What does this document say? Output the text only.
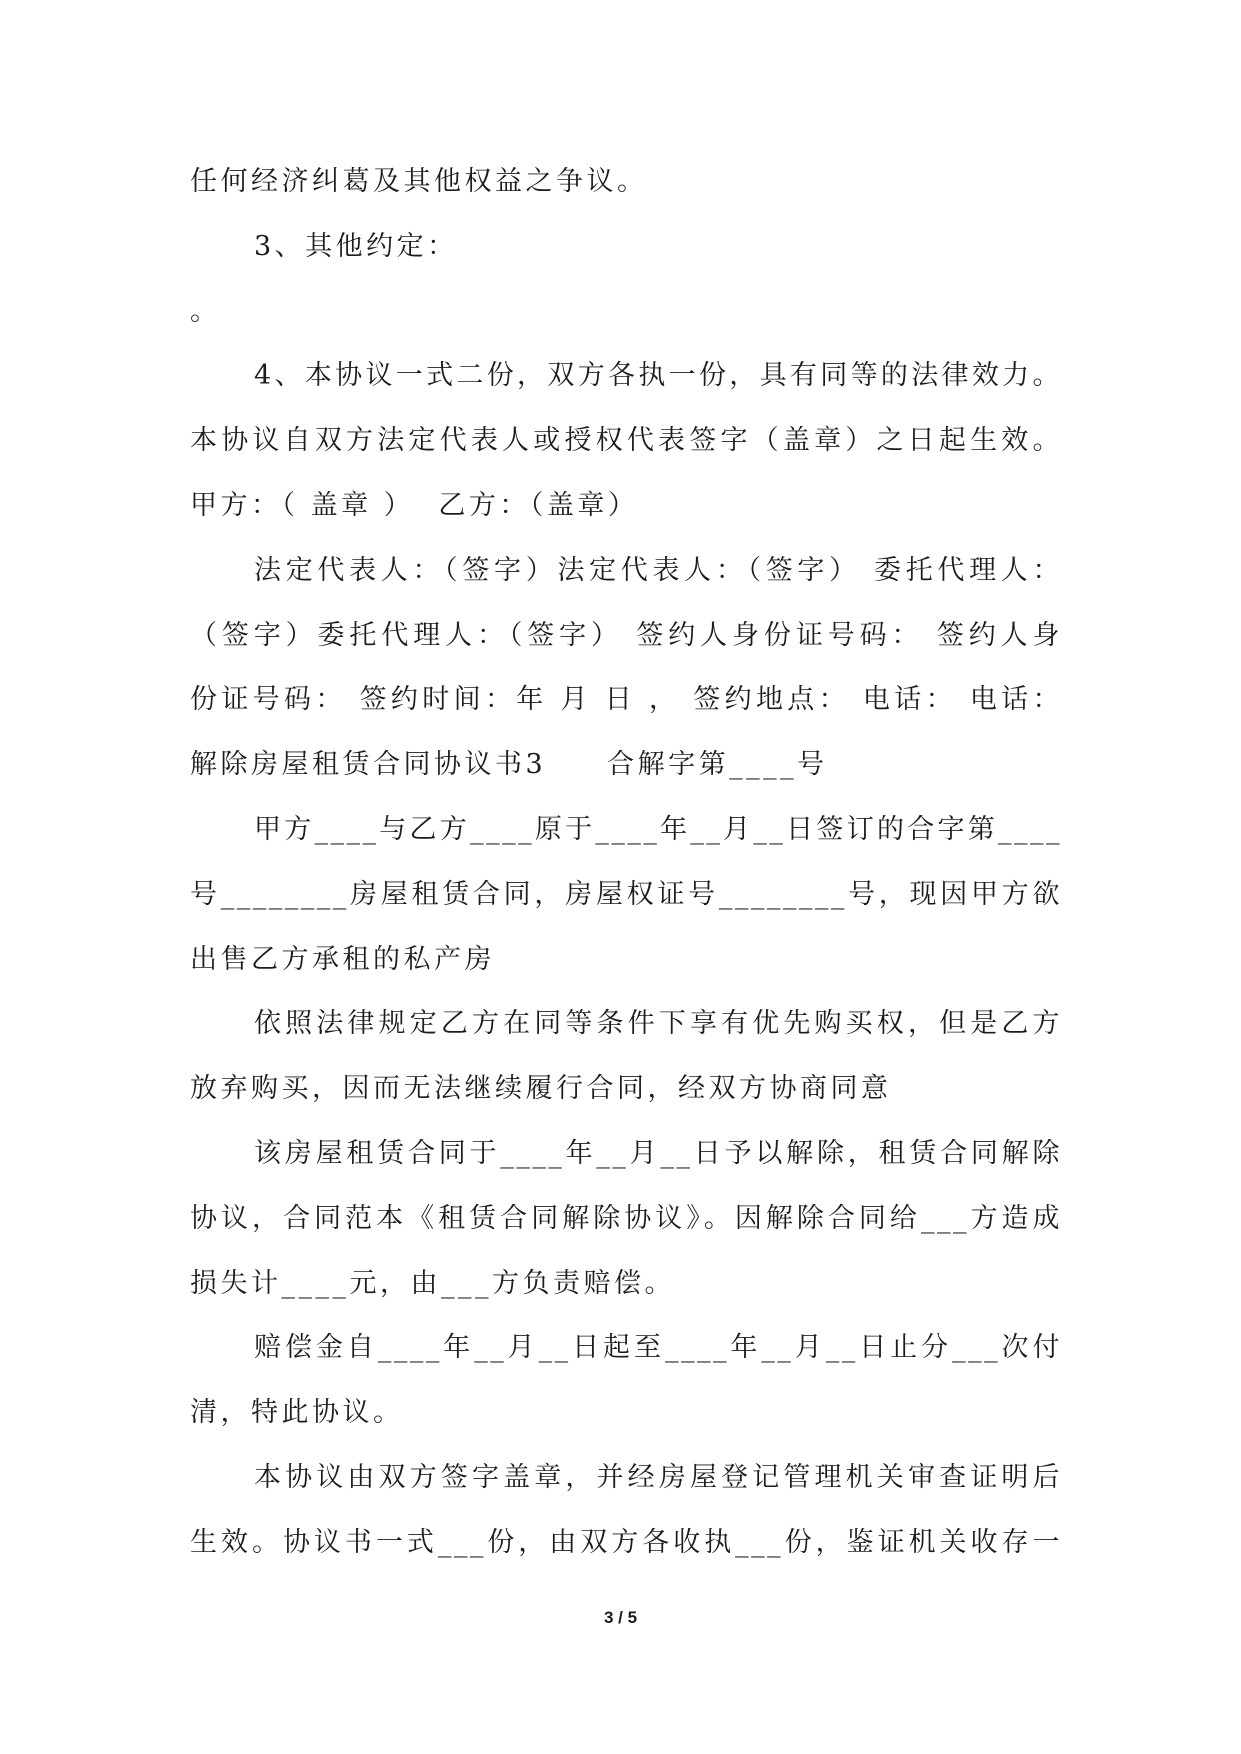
任何经济纠葛及其他权益之争议。
3、其他约定：
。
4、本协议一式二份，双方各执一份，具有同等的法律效力。
本协议自双方法定代表人或授权代表签字（盖章）之日起生效。
甲方：（ 盖章 ）  乙方：（盖章）
法定代表人：（签字）法定代表人：（签字） 委托代理人：
（签字）委托代理人：（签字） 签约人身份证号码： 签约人身
份证号码： 签约时间：年 月 日 ， 签约地点： 电话： 电话：
解除房屋租赁合同协议书3　　合解字第____号
甲方____与乙方____原于____年__月__日签订的合字第____
号________房屋租赁合同，房屋权证号________号，现因甲方欲
出售乙方承租的私产房
依照法律规定乙方在同等条件下享有优先购买权，但是乙方
放弃购买，因而无法继续履行合同，经双方协商同意
该房屋租赁合同于____年__月__日予以解除，租赁合同解除
协议，合同范本《租赁合同解除协议》。因解除合同给___方造成
损失计____元，由___方负责赔偿。
赔偿金自____年__月__日起至____年__月__日止分___次付
清，特此协议。
本协议由双方签字盖章，并经房屋登记管理机关审查证明后
生效。协议书一式___份，由双方各收执___份，鉴证机关收存一
3 / 5
